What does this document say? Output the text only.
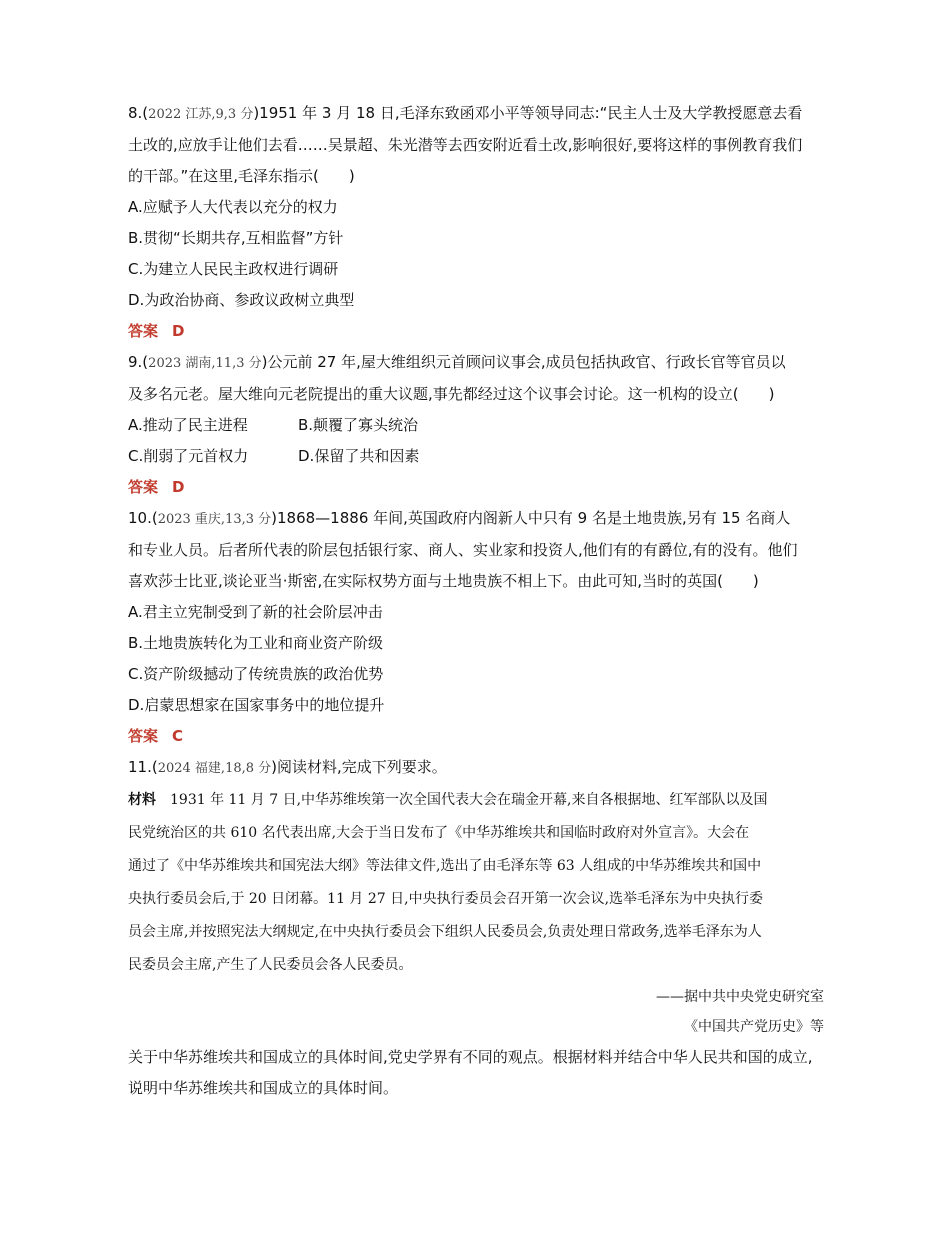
8.(2022 江苏,9,3 分)1951 年 3 月 18 日,毛泽东致函邓小平等领导同志:“民主人士及大学教授愿意去看
土改的,应放手让他们去看……吴景超、朱光潜等去西安附近看土改,影响很好,要将这样的事例教育我们
的干部。”在这里,毛泽东指示(　　)
A.应赋予人大代表以充分的权力
B.贯彻“长期共存,互相监督”方针
C.为建立人民民主政权进行调研
D.为政治协商、参政议政树立典型
答案 D
9.(2023 湖南,11,3 分)公元前 27 年,屋大维组织元首顾问议事会,成员包括执政官、行政长官等官员以
及多名元老。屋大维向元老院提出的重大议题,事先都经过这个议事会讨论。这一机构的设立(　　)
A.推动了民主进程	B.颠覆了寡头统治
C.削弱了元首权力	D.保留了共和因素
答案 D
10.(2023 重庆,13,3 分)1868—1886 年间,英国政府内阁新人中只有 9 名是土地贵族,另有 15 名商人
和专业人员。后者所代表的阶层包括银行家、商人、实业家和投资人,他们有的有爵位,有的没有。他们
喜欢莎士比亚,谈论亚当·斯密,在实际权势方面与土地贵族不相上下。由此可知,当时的英国(　　)
A.君主立宪制受到了新的社会阶层冲击
B.土地贵族转化为工业和商业资产阶级
C.资产阶级撼动了传统贵族的政治优势
D.启蒙思想家在国家事务中的地位提升
答案 C
11.(2024 福建,18,8 分)阅读材料,完成下列要求。
材料 1931 年 11 月 7 日,中华苏维埃第一次全国代表大会在瑞金开幕,来自各根据地、红军部队以及国
民党统治区的共 610 名代表出席,大会于当日发布了《中华苏维埃共和国临时政府对外宣言》。大会在
通过了《中华苏维埃共和国宪法大纲》等法律文件,选出了由毛泽东等 63 人组成的中华苏维埃共和国中
央执行委员会后,于 20 日闭幕。11 月 27 日,中央执行委员会召开第一次会议,选举毛泽东为中央执行委
员会主席,并按照宪法大纲规定,在中央执行委员会下组织人民委员会,负责处理日常政务,选举毛泽东为人
民委员会主席,产生了人民委员会各人民委员。
——据中共中央党史研究室
《中国共产党历史》等
关于中华苏维埃共和国成立的具体时间,党史学界有不同的观点。根据材料并结合中华人民共和国的成立,
说明中华苏维埃共和国成立的具体时间。
